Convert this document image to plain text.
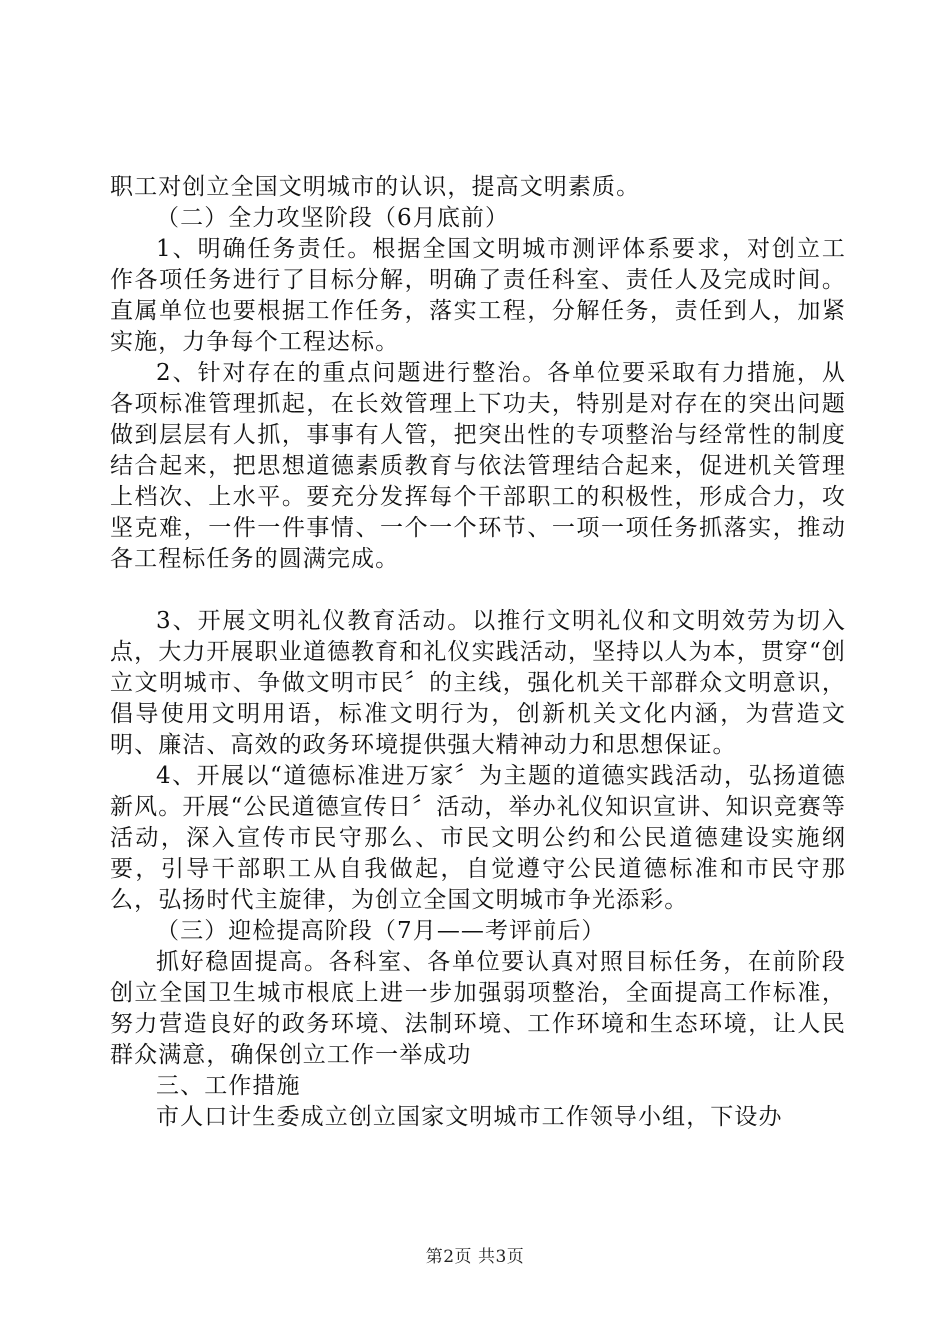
职工对创立全国文明城市的认识，提高文明素质。

（二）全力攻坚阶段（6月底前）

1、明确任务责任。根据全国文明城市测评体系要求，对创立工作各项任务进行了目标分解，明确了责任科室、责任人及完成时间。直属单位也要根据工作任务，落实工程，分解任务，责任到人，加紧实施，力争每个工程达标。

2、针对存在的重点问题进行整治。各单位要采取有力措施，从各项标准管理抓起，在长效管理上下功夫，特别是对存在的突出问题做到层层有人抓，事事有人管，把突出性的专项整治与经常性的制度结合起来，把思想道德素质教育与依法管理结合起来，促进机关管理上档次、上水平。要充分发挥每个干部职工的积极性，形成合力，攻坚克难，一件一件事情、一个一个环节、一项一项任务抓落实，推动各工程标任务的圆满完成。

3、开展文明礼仪教育活动。以推行文明礼仪和文明效劳为切入点，大力开展职业道德教育和礼仪实践活动，坚持以人为本，贯穿“创立文明城市、争做文明市民〞的主线，强化机关干部群众文明意识，倡导使用文明用语，标准文明行为，创新机关文化内涵，为营造文明、廉洁、高效的政务环境提供强大精神动力和思想保证。

4、开展以“道德标准进万家〞为主题的道德实践活动，弘扬道德新风。开展“公民道德宣传日〞活动，举办礼仪知识宣讲、知识竞赛等活动，深入宣传市民守那么、市民文明公约和公民道德建设实施纲要，引导干部职工从自我做起，自觉遵守公民道德标准和市民守那么，弘扬时代主旋律，为创立全国文明城市争光添彩。

（三）迎检提高阶段（7月——考评前后）

抓好稳固提高。各科室、各单位要认真对照目标任务，在前阶段创立全国卫生城市根底上进一步加强弱项整治，全面提高工作标准，努力营造良好的政务环境、法制环境、工作环境和生态环境，让人民群众满意，确保创立工作一举成功

三、工作措施

市人口计生委成立创立国家文明城市工作领导小组，下设办

第2页 共3页
